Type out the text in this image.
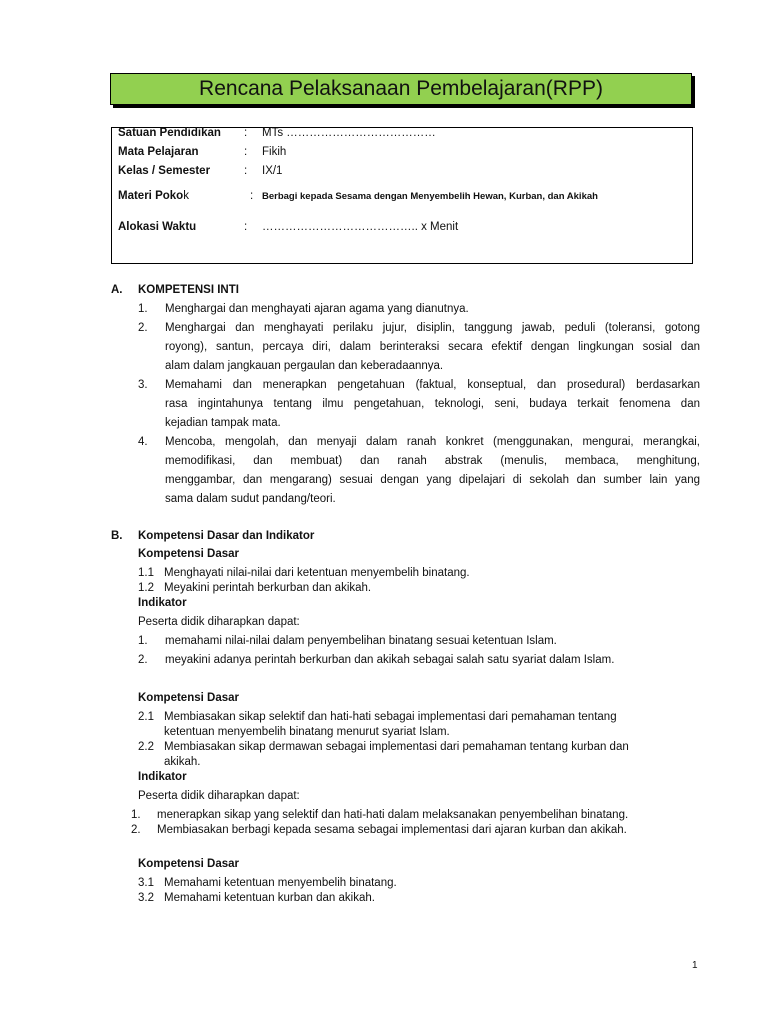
Rencana Pelaksanaan Pembelajaran(RPP)
Satuan Pendidikan : MTs …………………………………
Mata Pelajaran	: Fikih
Kelas / Semester	: IX/1
Materi Pokok	: Berbagi kepada Sesama dengan Menyembelih Hewan, Kurban, dan Akikah
Alokasi Waktu	: ………………………………….. x Menit
A. KOMPETENSI INTI
1. Menghargai dan menghayati ajaran agama yang dianutnya.
2. Menghargai dan menghayati perilaku jujur, disiplin, tanggung jawab, peduli (toleransi, gotong
royong), santun, percaya diri, dalam berinteraksi secara efektif dengan lingkungan sosial dan
alam dalam jangkauan pergaulan dan keberadaannya.
3. Memahami dan menerapkan pengetahuan (faktual, konseptual, dan prosedural) berdasarkan
rasa ingintahunya tentang ilmu pengetahuan, teknologi, seni, budaya terkait fenomena dan
kejadian tampak mata.
4. Mencoba, mengolah, dan menyaji dalam ranah konkret (menggunakan, mengurai, merangkai,
memodifikasi, dan membuat) dan ranah abstrak (menulis, membaca, menghitung,
menggambar, dan mengarang) sesuai dengan yang dipelajari di sekolah dan sumber lain yang
sama dalam sudut pandang/teori.
B. Kompetensi Dasar dan Indikator
Kompetensi Dasar
1.1 Menghayati nilai-nilai dari ketentuan menyembelih binatang.
1.2 Meyakini perintah berkurban dan akikah.
Indikator
Peserta didik diharapkan dapat:
1. memahami nilai-nilai dalam penyembelihan binatang sesuai ketentuan Islam.
2. meyakini adanya perintah berkurban dan akikah sebagai salah satu syariat dalam Islam.
Kompetensi Dasar
2.1 Membiasakan sikap selektif dan hati-hati sebagai implementasi dari pemahaman tentang
ketentuan menyembelih binatang menurut syariat Islam.
2.2 Membiasakan sikap dermawan sebagai implementasi dari pemahaman tentang kurban dan
akikah.
Indikator
Peserta didik diharapkan dapat:
1. menerapkan sikap yang selektif dan hati-hati dalam melaksanakan penyembelihan binatang.
2. Membiasakan berbagi kepada sesama sebagai implementasi dari ajaran kurban dan akikah.
Kompetensi Dasar
3.1 Memahami ketentuan menyembelih binatang.
3.2 Memahami ketentuan kurban dan akikah.
1
